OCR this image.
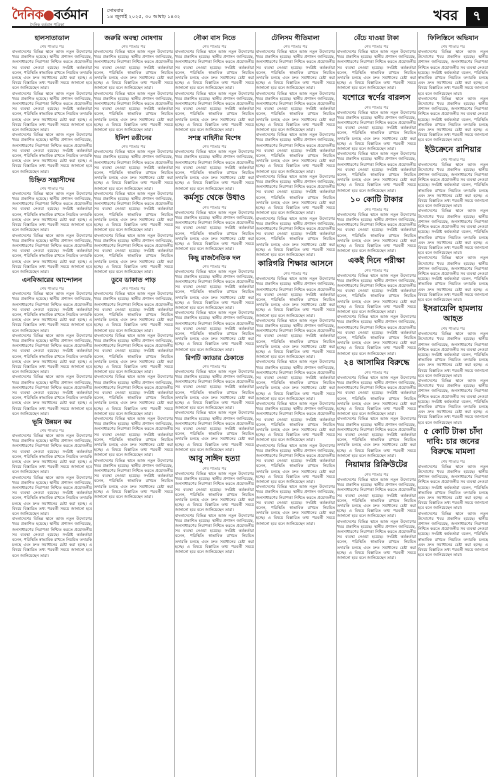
দৈনিক●বর্তমান
দৈনিক বর্তমান পত্রিকা
সোমবার
১৪ জুলাই ২০২৫, ৩০ আষাঢ় ১৪৩২	খবর	৭
হালসাতাডাল
শেষ পাতার পর
বাংলাদেশের বিভিন্ন স্থানে আজ নতুন উদ্যোগের খবর প্রকাশিত হয়েছে। স্থানীয় প্রশাসন জানিয়েছে, জনসাধারণের নিরাপত্তা নিশ্চিত করতে প্রয়োজনীয় সব ব্যবস্থা নেওয়া হয়েছে। সংশ্লিষ্ট কর্মকর্তারা বলেন, পরিস্থিতি স্বাভাবিক রাখতে নিয়মিত তদারকি চলছে এবং দ্রুত সমাধানের চেষ্টা করা হচ্ছে। এ বিষয়ে বিস্তারিত তথ্য পরবর্তী সময়ে জানানো হবে বলে জানিয়েছেন তারা।
বাংলাদেশের বিভিন্ন স্থানে আজ নতুন উদ্যোগের খবর প্রকাশিত হয়েছে। স্থানীয় প্রশাসন জানিয়েছে, জনসাধারণের নিরাপত্তা নিশ্চিত করতে প্রয়োজনীয় সব ব্যবস্থা নেওয়া হয়েছে। সংশ্লিষ্ট কর্মকর্তারা বলেন, পরিস্থিতি স্বাভাবিক রাখতে নিয়মিত তদারকি চলছে এবং দ্রুত সমাধানের চেষ্টা করা হচ্ছে। এ বিষয়ে বিস্তারিত তথ্য পরবর্তী সময়ে জানানো হবে বলে জানিয়েছেন তারা।
বাংলাদেশের বিভিন্ন স্থানে আজ নতুন উদ্যোগের খবর প্রকাশিত হয়েছে। স্থানীয় প্রশাসন জানিয়েছে, জনসাধারণের নিরাপত্তা নিশ্চিত করতে প্রয়োজনীয় সব ব্যবস্থা নেওয়া হয়েছে। সংশ্লিষ্ট কর্মকর্তারা বলেন, পরিস্থিতি স্বাভাবিক রাখতে নিয়মিত তদারকি চলছে এবং দ্রুত সমাধানের চেষ্টা করা হচ্ছে। এ বিষয়ে বিস্তারিত তথ্য পরবর্তী সময়ে জানানো হবে বলে জানিয়েছেন তারা।
চিহ্নিত সন্ত্রাসীদের
শেষ পাতার পর
বাংলাদেশের বিভিন্ন স্থানে আজ নতুন উদ্যোগের খবর প্রকাশিত হয়েছে। স্থানীয় প্রশাসন জানিয়েছে, জনসাধারণের নিরাপত্তা নিশ্চিত করতে প্রয়োজনীয় সব ব্যবস্থা নেওয়া হয়েছে। সংশ্লিষ্ট কর্মকর্তারা বলেন, পরিস্থিতি স্বাভাবিক রাখতে নিয়মিত তদারকি চলছে এবং দ্রুত সমাধানের চেষ্টা করা হচ্ছে। এ বিষয়ে বিস্তারিত তথ্য পরবর্তী সময়ে জানানো হবে বলে জানিয়েছেন তারা।
বাংলাদেশের বিভিন্ন স্থানে আজ নতুন উদ্যোগের খবর প্রকাশিত হয়েছে। স্থানীয় প্রশাসন জানিয়েছে, জনসাধারণের নিরাপত্তা নিশ্চিত করতে প্রয়োজনীয় সব ব্যবস্থা নেওয়া হয়েছে। সংশ্লিষ্ট কর্মকর্তারা বলেন, পরিস্থিতি স্বাভাবিক রাখতে নিয়মিত তদারকি চলছে এবং দ্রুত সমাধানের চেষ্টা করা হচ্ছে। এ বিষয়ে বিস্তারিত তথ্য পরবর্তী সময়ে জানানো হবে বলে জানিয়েছেন তারা।
এনবিআরের আন্দোলন
শেষ পাতার পর
বাংলাদেশের বিভিন্ন স্থানে আজ নতুন উদ্যোগের খবর প্রকাশিত হয়েছে। স্থানীয় প্রশাসন জানিয়েছে, জনসাধারণের নিরাপত্তা নিশ্চিত করতে প্রয়োজনীয় সব ব্যবস্থা নেওয়া হয়েছে। সংশ্লিষ্ট কর্মকর্তারা বলেন, পরিস্থিতি স্বাভাবিক রাখতে নিয়মিত তদারকি চলছে এবং দ্রুত সমাধানের চেষ্টা করা হচ্ছে। এ বিষয়ে বিস্তারিত তথ্য পরবর্তী সময়ে জানানো হবে বলে জানিয়েছেন তারা।
বাংলাদেশের বিভিন্ন স্থানে আজ নতুন উদ্যোগের খবর প্রকাশিত হয়েছে। স্থানীয় প্রশাসন জানিয়েছে, জনসাধারণের নিরাপত্তা নিশ্চিত করতে প্রয়োজনীয় সব ব্যবস্থা নেওয়া হয়েছে। সংশ্লিষ্ট কর্মকর্তারা বলেন, পরিস্থিতি স্বাভাবিক রাখতে নিয়মিত তদারকি চলছে এবং দ্রুত সমাধানের চেষ্টা করা হচ্ছে। এ বিষয়ে বিস্তারিত তথ্য পরবর্তী সময়ে জানানো হবে বলে জানিয়েছেন তারা।
বাংলাদেশের বিভিন্ন স্থানে আজ নতুন উদ্যোগের খবর প্রকাশিত হয়েছে। স্থানীয় প্রশাসন জানিয়েছে, জনসাধারণের নিরাপত্তা নিশ্চিত করতে প্রয়োজনীয় সব ব্যবস্থা নেওয়া হয়েছে। সংশ্লিষ্ট কর্মকর্তারা বলেন, পরিস্থিতি স্বাভাবিক রাখতে নিয়মিত তদারকি চলছে এবং দ্রুত সমাধানের চেষ্টা করা হচ্ছে। এ বিষয়ে বিস্তারিত তথ্য পরবর্তী সময়ে জানানো হবে বলে জানিয়েছেন তারা।
ভূমি উন্নয়ন কর
শেষ পাতার পর
বাংলাদেশের বিভিন্ন স্থানে আজ নতুন উদ্যোগের খবর প্রকাশিত হয়েছে। স্থানীয় প্রশাসন জানিয়েছে, জনসাধারণের নিরাপত্তা নিশ্চিত করতে প্রয়োজনীয় সব ব্যবস্থা নেওয়া হয়েছে। সংশ্লিষ্ট কর্মকর্তারা বলেন, পরিস্থিতি স্বাভাবিক রাখতে নিয়মিত তদারকি চলছে এবং দ্রুত সমাধানের চেষ্টা করা হচ্ছে। এ বিষয়ে বিস্তারিত তথ্য পরবর্তী সময়ে জানানো হবে বলে জানিয়েছেন তারা।
বাংলাদেশের বিভিন্ন স্থানে আজ নতুন উদ্যোগের খবর প্রকাশিত হয়েছে। স্থানীয় প্রশাসন জানিয়েছে, জনসাধারণের নিরাপত্তা নিশ্চিত করতে প্রয়োজনীয় সব ব্যবস্থা নেওয়া হয়েছে। সংশ্লিষ্ট কর্মকর্তারা বলেন, পরিস্থিতি স্বাভাবিক রাখতে নিয়মিত তদারকি চলছে এবং দ্রুত সমাধানের চেষ্টা করা হচ্ছে। এ বিষয়ে বিস্তারিত তথ্য পরবর্তী সময়ে জানানো হবে বলে জানিয়েছেন তারা।
বাংলাদেশের বিভিন্ন স্থানে আজ নতুন উদ্যোগের খবর প্রকাশিত হয়েছে। স্থানীয় প্রশাসন জানিয়েছে, জনসাধারণের নিরাপত্তা নিশ্চিত করতে প্রয়োজনীয় সব ব্যবস্থা নেওয়া হয়েছে। সংশ্লিষ্ট কর্মকর্তারা বলেন, পরিস্থিতি স্বাভাবিক রাখতে নিয়মিত তদারকি চলছে এবং দ্রুত সমাধানের চেষ্টা করা হচ্ছে। এ বিষয়ে বিস্তারিত তথ্য পরবর্তী সময়ে জানানো হবে বলে জানিয়েছেন তারা।
জরুরি অবস্থা ঘোষণায়
শেষ পাতার পর
বাংলাদেশের বিভিন্ন স্থানে আজ নতুন উদ্যোগের খবর প্রকাশিত হয়েছে। স্থানীয় প্রশাসন জানিয়েছে, জনসাধারণের নিরাপত্তা নিশ্চিত করতে প্রয়োজনীয় সব ব্যবস্থা নেওয়া হয়েছে। সংশ্লিষ্ট কর্মকর্তারা বলেন, পরিস্থিতি স্বাভাবিক রাখতে নিয়মিত তদারকি চলছে এবং দ্রুত সমাধানের চেষ্টা করা হচ্ছে। এ বিষয়ে বিস্তারিত তথ্য পরবর্তী সময়ে জানানো হবে বলে জানিয়েছেন তারা।
বাংলাদেশের বিভিন্ন স্থানে আজ নতুন উদ্যোগের খবর প্রকাশিত হয়েছে। স্থানীয় প্রশাসন জানিয়েছে, জনসাধারণের নিরাপত্তা নিশ্চিত করতে প্রয়োজনীয় সব ব্যবস্থা নেওয়া হয়েছে। সংশ্লিষ্ট কর্মকর্তারা বলেন, পরিস্থিতি স্বাভাবিক রাখতে নিয়মিত তদারকি চলছে এবং দ্রুত সমাধানের চেষ্টা করা হচ্ছে। এ বিষয়ে বিস্তারিত তথ্য পরবর্তী সময়ে জানানো হবে বলে জানিয়েছেন তারা।
ইলিশ রঙীনের
শেষ পাতার পর
বাংলাদেশের বিভিন্ন স্থানে আজ নতুন উদ্যোগের খবর প্রকাশিত হয়েছে। স্থানীয় প্রশাসন জানিয়েছে, জনসাধারণের নিরাপত্তা নিশ্চিত করতে প্রয়োজনীয় সব ব্যবস্থা নেওয়া হয়েছে। সংশ্লিষ্ট কর্মকর্তারা বলেন, পরিস্থিতি স্বাভাবিক রাখতে নিয়মিত তদারকি চলছে এবং দ্রুত সমাধানের চেষ্টা করা হচ্ছে। এ বিষয়ে বিস্তারিত তথ্য পরবর্তী সময়ে জানানো হবে বলে জানিয়েছেন তারা।
বাংলাদেশের বিভিন্ন স্থানে আজ নতুন উদ্যোগের খবর প্রকাশিত হয়েছে। স্থানীয় প্রশাসন জানিয়েছে, জনসাধারণের নিরাপত্তা নিশ্চিত করতে প্রয়োজনীয় সব ব্যবস্থা নেওয়া হয়েছে। সংশ্লিষ্ট কর্মকর্তারা বলেন, পরিস্থিতি স্বাভাবিক রাখতে নিয়মিত তদারকি চলছে এবং দ্রুত সমাধানের চেষ্টা করা হচ্ছে। এ বিষয়ে বিস্তারিত তথ্য পরবর্তী সময়ে জানানো হবে বলে জানিয়েছেন তারা।
বাংলাদেশের বিভিন্ন স্থানে আজ নতুন উদ্যোগের খবর প্রকাশিত হয়েছে। স্থানীয় প্রশাসন জানিয়েছে, জনসাধারণের নিরাপত্তা নিশ্চিত করতে প্রয়োজনীয় সব ব্যবস্থা নেওয়া হয়েছে। সংশ্লিষ্ট কর্মকর্তারা বলেন, পরিস্থিতি স্বাভাবিক রাখতে নিয়মিত তদারকি চলছে এবং দ্রুত সমাধানের চেষ্টা করা হচ্ছে। এ বিষয়ে বিস্তারিত তথ্য পরবর্তী সময়ে জানানো হবে বলে জানিয়েছেন তারা।
ডুবে ডাকাত পাড়
শেষ পাতার পর
বাংলাদেশের বিভিন্ন স্থানে আজ নতুন উদ্যোগের খবর প্রকাশিত হয়েছে। স্থানীয় প্রশাসন জানিয়েছে, জনসাধারণের নিরাপত্তা নিশ্চিত করতে প্রয়োজনীয় সব ব্যবস্থা নেওয়া হয়েছে। সংশ্লিষ্ট কর্মকর্তারা বলেন, পরিস্থিতি স্বাভাবিক রাখতে নিয়মিত তদারকি চলছে এবং দ্রুত সমাধানের চেষ্টা করা হচ্ছে। এ বিষয়ে বিস্তারিত তথ্য পরবর্তী সময়ে জানানো হবে বলে জানিয়েছেন তারা।
বাংলাদেশের বিভিন্ন স্থানে আজ নতুন উদ্যোগের খবর প্রকাশিত হয়েছে। স্থানীয় প্রশাসন জানিয়েছে, জনসাধারণের নিরাপত্তা নিশ্চিত করতে প্রয়োজনীয় সব ব্যবস্থা নেওয়া হয়েছে। সংশ্লিষ্ট কর্মকর্তারা বলেন, পরিস্থিতি স্বাভাবিক রাখতে নিয়মিত তদারকি চলছে এবং দ্রুত সমাধানের চেষ্টা করা হচ্ছে। এ বিষয়ে বিস্তারিত তথ্য পরবর্তী সময়ে জানানো হবে বলে জানিয়েছেন তারা।
বাংলাদেশের বিভিন্ন স্থানে আজ নতুন উদ্যোগের খবর প্রকাশিত হয়েছে। স্থানীয় প্রশাসন জানিয়েছে, জনসাধারণের নিরাপত্তা নিশ্চিত করতে প্রয়োজনীয় সব ব্যবস্থা নেওয়া হয়েছে। সংশ্লিষ্ট কর্মকর্তারা বলেন, পরিস্থিতি স্বাভাবিক রাখতে নিয়মিত তদারকি চলছে এবং দ্রুত সমাধানের চেষ্টা করা হচ্ছে। এ বিষয়ে বিস্তারিত তথ্য পরবর্তী সময়ে জানানো হবে বলে জানিয়েছেন তারা।
বাংলাদেশের বিভিন্ন স্থানে আজ নতুন উদ্যোগের খবর প্রকাশিত হয়েছে। স্থানীয় প্রশাসন জানিয়েছে, জনসাধারণের নিরাপত্তা নিশ্চিত করতে প্রয়োজনীয় সব ব্যবস্থা নেওয়া হয়েছে। সংশ্লিষ্ট কর্মকর্তারা বলেন, পরিস্থিতি স্বাভাবিক রাখতে নিয়মিত তদারকি চলছে এবং দ্রুত সমাধানের চেষ্টা করা হচ্ছে। এ বিষয়ে বিস্তারিত তথ্য পরবর্তী সময়ে জানানো হবে বলে জানিয়েছেন তারা।
বাংলাদেশের বিভিন্ন স্থানে আজ নতুন উদ্যোগের খবর প্রকাশিত হয়েছে। স্থানীয় প্রশাসন জানিয়েছে, জনসাধারণের নিরাপত্তা নিশ্চিত করতে প্রয়োজনীয় সব ব্যবস্থা নেওয়া হয়েছে। সংশ্লিষ্ট কর্মকর্তারা বলেন, পরিস্থিতি স্বাভাবিক রাখতে নিয়মিত তদারকি চলছে এবং দ্রুত সমাধানের চেষ্টা করা হচ্ছে। এ বিষয়ে বিস্তারিত তথ্য পরবর্তী সময়ে জানানো হবে বলে জানিয়েছেন তারা।
নৌকা বাস নিতে
শেষ পাতার পর
বাংলাদেশের বিভিন্ন স্থানে আজ নতুন উদ্যোগের খবর প্রকাশিত হয়েছে। স্থানীয় প্রশাসন জানিয়েছে, জনসাধারণের নিরাপত্তা নিশ্চিত করতে প্রয়োজনীয় সব ব্যবস্থা নেওয়া হয়েছে। সংশ্লিষ্ট কর্মকর্তারা বলেন, পরিস্থিতি স্বাভাবিক রাখতে নিয়মিত তদারকি চলছে এবং দ্রুত সমাধানের চেষ্টা করা হচ্ছে। এ বিষয়ে বিস্তারিত তথ্য পরবর্তী সময়ে জানানো হবে বলে জানিয়েছেন তারা।
বাংলাদেশের বিভিন্ন স্থানে আজ নতুন উদ্যোগের খবর প্রকাশিত হয়েছে। স্থানীয় প্রশাসন জানিয়েছে, জনসাধারণের নিরাপত্তা নিশ্চিত করতে প্রয়োজনীয় সব ব্যবস্থা নেওয়া হয়েছে। সংশ্লিষ্ট কর্মকর্তারা বলেন, পরিস্থিতি স্বাভাবিক রাখতে নিয়মিত তদারকি চলছে এবং দ্রুত সমাধানের চেষ্টা করা হচ্ছে। এ বিষয়ে বিস্তারিত তথ্য পরবর্তী সময়ে জানানো হবে বলে জানিয়েছেন তারা।
সশস্ত্র বাহিনীর বিশেষ
শেষ পাতার পর
বাংলাদেশের বিভিন্ন স্থানে আজ নতুন উদ্যোগের খবর প্রকাশিত হয়েছে। স্থানীয় প্রশাসন জানিয়েছে, জনসাধারণের নিরাপত্তা নিশ্চিত করতে প্রয়োজনীয় সব ব্যবস্থা নেওয়া হয়েছে। সংশ্লিষ্ট কর্মকর্তারা বলেন, পরিস্থিতি স্বাভাবিক রাখতে নিয়মিত তদারকি চলছে এবং দ্রুত সমাধানের চেষ্টা করা হচ্ছে। এ বিষয়ে বিস্তারিত তথ্য পরবর্তী সময়ে জানানো হবে বলে জানিয়েছেন তারা।
কর্মসূচ থেকে উধাও
শেষ পাতার পর
বাংলাদেশের বিভিন্ন স্থানে আজ নতুন উদ্যোগের খবর প্রকাশিত হয়েছে। স্থানীয় প্রশাসন জানিয়েছে, জনসাধারণের নিরাপত্তা নিশ্চিত করতে প্রয়োজনীয় সব ব্যবস্থা নেওয়া হয়েছে। সংশ্লিষ্ট কর্মকর্তারা বলেন, পরিস্থিতি স্বাভাবিক রাখতে নিয়মিত তদারকি চলছে এবং দ্রুত সমাধানের চেষ্টা করা হচ্ছে। এ বিষয়ে বিস্তারিত তথ্য পরবর্তী সময়ে জানানো হবে বলে জানিয়েছেন তারা।
কিছু রাজনৈতিক দল
শেষ পাতার পর
বাংলাদেশের বিভিন্ন স্থানে আজ নতুন উদ্যোগের খবর প্রকাশিত হয়েছে। স্থানীয় প্রশাসন জানিয়েছে, জনসাধারণের নিরাপত্তা নিশ্চিত করতে প্রয়োজনীয় সব ব্যবস্থা নেওয়া হয়েছে। সংশ্লিষ্ট কর্মকর্তারা বলেন, পরিস্থিতি স্বাভাবিক রাখতে নিয়মিত তদারকি চলছে এবং দ্রুত সমাধানের চেষ্টা করা হচ্ছে। এ বিষয়ে বিস্তারিত তথ্য পরবর্তী সময়ে জানানো হবে বলে জানিয়েছেন তারা।
বাংলাদেশের বিভিন্ন স্থানে আজ নতুন উদ্যোগের খবর প্রকাশিত হয়েছে। স্থানীয় প্রশাসন জানিয়েছে, জনসাধারণের নিরাপত্তা নিশ্চিত করতে প্রয়োজনীয় সব ব্যবস্থা নেওয়া হয়েছে। সংশ্লিষ্ট কর্মকর্তারা বলেন, পরিস্থিতি স্বাভাবিক রাখতে নিয়মিত তদারকি চলছে এবং দ্রুত সমাধানের চেষ্টা করা হচ্ছে। এ বিষয়ে বিস্তারিত তথ্য পরবর্তী সময়ে জানানো হবে বলে জানিয়েছেন তারা।
রিপটি ক্যাডার ঠেকাতে
শেষ পাতার পর
বাংলাদেশের বিভিন্ন স্থানে আজ নতুন উদ্যোগের খবর প্রকাশিত হয়েছে। স্থানীয় প্রশাসন জানিয়েছে, জনসাধারণের নিরাপত্তা নিশ্চিত করতে প্রয়োজনীয় সব ব্যবস্থা নেওয়া হয়েছে। সংশ্লিষ্ট কর্মকর্তারা বলেন, পরিস্থিতি স্বাভাবিক রাখতে নিয়মিত তদারকি চলছে এবং দ্রুত সমাধানের চেষ্টা করা হচ্ছে। এ বিষয়ে বিস্তারিত তথ্য পরবর্তী সময়ে জানানো হবে বলে জানিয়েছেন তারা।
বাংলাদেশের বিভিন্ন স্থানে আজ নতুন উদ্যোগের খবর প্রকাশিত হয়েছে। স্থানীয় প্রশাসন জানিয়েছে, জনসাধারণের নিরাপত্তা নিশ্চিত করতে প্রয়োজনীয় সব ব্যবস্থা নেওয়া হয়েছে। সংশ্লিষ্ট কর্মকর্তারা বলেন, পরিস্থিতি স্বাভাবিক রাখতে নিয়মিত তদারকি চলছে এবং দ্রুত সমাধানের চেষ্টা করা হচ্ছে। এ বিষয়ে বিস্তারিত তথ্য পরবর্তী সময়ে জানানো হবে বলে জানিয়েছেন তারা।
আবু সাঈদ হত্যা
শেষ পাতার পর
বাংলাদেশের বিভিন্ন স্থানে আজ নতুন উদ্যোগের খবর প্রকাশিত হয়েছে। স্থানীয় প্রশাসন জানিয়েছে, জনসাধারণের নিরাপত্তা নিশ্চিত করতে প্রয়োজনীয় সব ব্যবস্থা নেওয়া হয়েছে। সংশ্লিষ্ট কর্মকর্তারা বলেন, পরিস্থিতি স্বাভাবিক রাখতে নিয়মিত তদারকি চলছে এবং দ্রুত সমাধানের চেষ্টা করা হচ্ছে। এ বিষয়ে বিস্তারিত তথ্য পরবর্তী সময়ে জানানো হবে বলে জানিয়েছেন তারা।
বাংলাদেশের বিভিন্ন স্থানে আজ নতুন উদ্যোগের খবর প্রকাশিত হয়েছে। স্থানীয় প্রশাসন জানিয়েছে, জনসাধারণের নিরাপত্তা নিশ্চিত করতে প্রয়োজনীয় সব ব্যবস্থা নেওয়া হয়েছে। সংশ্লিষ্ট কর্মকর্তারা বলেন, পরিস্থিতি স্বাভাবিক রাখতে নিয়মিত তদারকি চলছে এবং দ্রুত সমাধানের চেষ্টা করা হচ্ছে। এ বিষয়ে বিস্তারিত তথ্য পরবর্তী সময়ে জানানো হবে বলে জানিয়েছেন তারা।
টেলিসম গীতিমালা
শেষ পাতার পর
বাংলাদেশের বিভিন্ন স্থানে আজ নতুন উদ্যোগের খবর প্রকাশিত হয়েছে। স্থানীয় প্রশাসন জানিয়েছে, জনসাধারণের নিরাপত্তা নিশ্চিত করতে প্রয়োজনীয় সব ব্যবস্থা নেওয়া হয়েছে। সংশ্লিষ্ট কর্মকর্তারা বলেন, পরিস্থিতি স্বাভাবিক রাখতে নিয়মিত তদারকি চলছে এবং দ্রুত সমাধানের চেষ্টা করা হচ্ছে। এ বিষয়ে বিস্তারিত তথ্য পরবর্তী সময়ে জানানো হবে বলে জানিয়েছেন তারা।
বাংলাদেশের বিভিন্ন স্থানে আজ নতুন উদ্যোগের খবর প্রকাশিত হয়েছে। স্থানীয় প্রশাসন জানিয়েছে, জনসাধারণের নিরাপত্তা নিশ্চিত করতে প্রয়োজনীয় সব ব্যবস্থা নেওয়া হয়েছে। সংশ্লিষ্ট কর্মকর্তারা বলেন, পরিস্থিতি স্বাভাবিক রাখতে নিয়মিত তদারকি চলছে এবং দ্রুত সমাধানের চেষ্টা করা হচ্ছে। এ বিষয়ে বিস্তারিত তথ্য পরবর্তী সময়ে জানানো হবে বলে জানিয়েছেন তারা।
বাংলাদেশের বিভিন্ন স্থানে আজ নতুন উদ্যোগের খবর প্রকাশিত হয়েছে। স্থানীয় প্রশাসন জানিয়েছে, জনসাধারণের নিরাপত্তা নিশ্চিত করতে প্রয়োজনীয় সব ব্যবস্থা নেওয়া হয়েছে। সংশ্লিষ্ট কর্মকর্তারা বলেন, পরিস্থিতি স্বাভাবিক রাখতে নিয়মিত তদারকি চলছে এবং দ্রুত সমাধানের চেষ্টা করা হচ্ছে। এ বিষয়ে বিস্তারিত তথ্য পরবর্তী সময়ে জানানো হবে বলে জানিয়েছেন তারা।
বাংলাদেশের বিভিন্ন স্থানে আজ নতুন উদ্যোগের খবর প্রকাশিত হয়েছে। স্থানীয় প্রশাসন জানিয়েছে, জনসাধারণের নিরাপত্তা নিশ্চিত করতে প্রয়োজনীয় সব ব্যবস্থা নেওয়া হয়েছে। সংশ্লিষ্ট কর্মকর্তারা বলেন, পরিস্থিতি স্বাভাবিক রাখতে নিয়মিত তদারকি চলছে এবং দ্রুত সমাধানের চেষ্টা করা হচ্ছে। এ বিষয়ে বিস্তারিত তথ্য পরবর্তী সময়ে জানানো হবে বলে জানিয়েছেন তারা।
বাংলাদেশের বিভিন্ন স্থানে আজ নতুন উদ্যোগের খবর প্রকাশিত হয়েছে। স্থানীয় প্রশাসন জানিয়েছে, জনসাধারণের নিরাপত্তা নিশ্চিত করতে প্রয়োজনীয় সব ব্যবস্থা নেওয়া হয়েছে। সংশ্লিষ্ট কর্মকর্তারা বলেন, পরিস্থিতি স্বাভাবিক রাখতে নিয়মিত তদারকি চলছে এবং দ্রুত সমাধানের চেষ্টা করা হচ্ছে। এ বিষয়ে বিস্তারিত তথ্য পরবর্তী সময়ে জানানো হবে বলে জানিয়েছেন তারা।
কারিগরি শিক্ষার আসনে
শেষ পাতার পর
বাংলাদেশের বিভিন্ন স্থানে আজ নতুন উদ্যোগের খবর প্রকাশিত হয়েছে। স্থানীয় প্রশাসন জানিয়েছে, জনসাধারণের নিরাপত্তা নিশ্চিত করতে প্রয়োজনীয় সব ব্যবস্থা নেওয়া হয়েছে। সংশ্লিষ্ট কর্মকর্তারা বলেন, পরিস্থিতি স্বাভাবিক রাখতে নিয়মিত তদারকি চলছে এবং দ্রুত সমাধানের চেষ্টা করা হচ্ছে। এ বিষয়ে বিস্তারিত তথ্য পরবর্তী সময়ে জানানো হবে বলে জানিয়েছেন তারা।
বাংলাদেশের বিভিন্ন স্থানে আজ নতুন উদ্যোগের খবর প্রকাশিত হয়েছে। স্থানীয় প্রশাসন জানিয়েছে, জনসাধারণের নিরাপত্তা নিশ্চিত করতে প্রয়োজনীয় সব ব্যবস্থা নেওয়া হয়েছে। সংশ্লিষ্ট কর্মকর্তারা বলেন, পরিস্থিতি স্বাভাবিক রাখতে নিয়মিত তদারকি চলছে এবং দ্রুত সমাধানের চেষ্টা করা হচ্ছে। এ বিষয়ে বিস্তারিত তথ্য পরবর্তী সময়ে জানানো হবে বলে জানিয়েছেন তারা।
বাংলাদেশের বিভিন্ন স্থানে আজ নতুন উদ্যোগের খবর প্রকাশিত হয়েছে। স্থানীয় প্রশাসন জানিয়েছে, জনসাধারণের নিরাপত্তা নিশ্চিত করতে প্রয়োজনীয় সব ব্যবস্থা নেওয়া হয়েছে। সংশ্লিষ্ট কর্মকর্তারা বলেন, পরিস্থিতি স্বাভাবিক রাখতে নিয়মিত তদারকি চলছে এবং দ্রুত সমাধানের চেষ্টা করা হচ্ছে। এ বিষয়ে বিস্তারিত তথ্য পরবর্তী সময়ে জানানো হবে বলে জানিয়েছেন তারা।
বাংলাদেশের বিভিন্ন স্থানে আজ নতুন উদ্যোগের খবর প্রকাশিত হয়েছে। স্থানীয় প্রশাসন জানিয়েছে, জনসাধারণের নিরাপত্তা নিশ্চিত করতে প্রয়োজনীয় সব ব্যবস্থা নেওয়া হয়েছে। সংশ্লিষ্ট কর্মকর্তারা বলেন, পরিস্থিতি স্বাভাবিক রাখতে নিয়মিত তদারকি চলছে এবং দ্রুত সমাধানের চেষ্টা করা হচ্ছে। এ বিষয়ে বিস্তারিত তথ্য পরবর্তী সময়ে জানানো হবে বলে জানিয়েছেন তারা।
বাংলাদেশের বিভিন্ন স্থানে আজ নতুন উদ্যোগের খবর প্রকাশিত হয়েছে। স্থানীয় প্রশাসন জানিয়েছে, জনসাধারণের নিরাপত্তা নিশ্চিত করতে প্রয়োজনীয় সব ব্যবস্থা নেওয়া হয়েছে। সংশ্লিষ্ট কর্মকর্তারা বলেন, পরিস্থিতি স্বাভাবিক রাখতে নিয়মিত তদারকি চলছে এবং দ্রুত সমাধানের চেষ্টা করা হচ্ছে। এ বিষয়ে বিস্তারিত তথ্য পরবর্তী সময়ে জানানো হবে বলে জানিয়েছেন তারা।
বাংলাদেশের বিভিন্ন স্থানে আজ নতুন উদ্যোগের খবর প্রকাশিত হয়েছে। স্থানীয় প্রশাসন জানিয়েছে, জনসাধারণের নিরাপত্তা নিশ্চিত করতে প্রয়োজনীয় সব ব্যবস্থা নেওয়া হয়েছে। সংশ্লিষ্ট কর্মকর্তারা বলেন, পরিস্থিতি স্বাভাবিক রাখতে নিয়মিত তদারকি চলছে এবং দ্রুত সমাধানের চেষ্টা করা হচ্ছে। এ বিষয়ে বিস্তারিত তথ্য পরবর্তী সময়ে জানানো হবে বলে জানিয়েছেন তারা।
বেঁচে যাওয়া টাকা
শেষ পাতার পর
বাংলাদেশের বিভিন্ন স্থানে আজ নতুন উদ্যোগের খবর প্রকাশিত হয়েছে। স্থানীয় প্রশাসন জানিয়েছে, জনসাধারণের নিরাপত্তা নিশ্চিত করতে প্রয়োজনীয় সব ব্যবস্থা নেওয়া হয়েছে। সংশ্লিষ্ট কর্মকর্তারা বলেন, পরিস্থিতি স্বাভাবিক রাখতে নিয়মিত তদারকি চলছে এবং দ্রুত সমাধানের চেষ্টা করা হচ্ছে। এ বিষয়ে বিস্তারিত তথ্য পরবর্তী সময়ে জানানো হবে বলে জানিয়েছেন তারা।
যশোরে স্বর্ণের বারলস
শেষ পাতার পর
বাংলাদেশের বিভিন্ন স্থানে আজ নতুন উদ্যোগের খবর প্রকাশিত হয়েছে। স্থানীয় প্রশাসন জানিয়েছে, জনসাধারণের নিরাপত্তা নিশ্চিত করতে প্রয়োজনীয় সব ব্যবস্থা নেওয়া হয়েছে। সংশ্লিষ্ট কর্মকর্তারা বলেন, পরিস্থিতি স্বাভাবিক রাখতে নিয়মিত তদারকি চলছে এবং দ্রুত সমাধানের চেষ্টা করা হচ্ছে। এ বিষয়ে বিস্তারিত তথ্য পরবর্তী সময়ে জানানো হবে বলে জানিয়েছেন তারা।
বাংলাদেশের বিভিন্ন স্থানে আজ নতুন উদ্যোগের খবর প্রকাশিত হয়েছে। স্থানীয় প্রশাসন জানিয়েছে, জনসাধারণের নিরাপত্তা নিশ্চিত করতে প্রয়োজনীয় সব ব্যবস্থা নেওয়া হয়েছে। সংশ্লিষ্ট কর্মকর্তারা বলেন, পরিস্থিতি স্বাভাবিক রাখতে নিয়মিত তদারকি চলছে এবং দ্রুত সমাধানের চেষ্টা করা হচ্ছে। এ বিষয়ে বিস্তারিত তথ্য পরবর্তী সময়ে জানানো হবে বলে জানিয়েছেন তারা।
১০ কোটি টাকার
শেষ পাতার পর
বাংলাদেশের বিভিন্ন স্থানে আজ নতুন উদ্যোগের খবর প্রকাশিত হয়েছে। স্থানীয় প্রশাসন জানিয়েছে, জনসাধারণের নিরাপত্তা নিশ্চিত করতে প্রয়োজনীয় সব ব্যবস্থা নেওয়া হয়েছে। সংশ্লিষ্ট কর্মকর্তারা বলেন, পরিস্থিতি স্বাভাবিক রাখতে নিয়মিত তদারকি চলছে এবং দ্রুত সমাধানের চেষ্টা করা হচ্ছে। এ বিষয়ে বিস্তারিত তথ্য পরবর্তী সময়ে জানানো হবে বলে জানিয়েছেন তারা।
একই দিনে পরীক্ষা
শেষ পাতার পর
বাংলাদেশের বিভিন্ন স্থানে আজ নতুন উদ্যোগের খবর প্রকাশিত হয়েছে। স্থানীয় প্রশাসন জানিয়েছে, জনসাধারণের নিরাপত্তা নিশ্চিত করতে প্রয়োজনীয় সব ব্যবস্থা নেওয়া হয়েছে। সংশ্লিষ্ট কর্মকর্তারা বলেন, পরিস্থিতি স্বাভাবিক রাখতে নিয়মিত তদারকি চলছে এবং দ্রুত সমাধানের চেষ্টা করা হচ্ছে। এ বিষয়ে বিস্তারিত তথ্য পরবর্তী সময়ে জানানো হবে বলে জানিয়েছেন তারা।
বাংলাদেশের বিভিন্ন স্থানে আজ নতুন উদ্যোগের খবর প্রকাশিত হয়েছে। স্থানীয় প্রশাসন জানিয়েছে, জনসাধারণের নিরাপত্তা নিশ্চিত করতে প্রয়োজনীয় সব ব্যবস্থা নেওয়া হয়েছে। সংশ্লিষ্ট কর্মকর্তারা বলেন, পরিস্থিতি স্বাভাবিক রাখতে নিয়মিত তদারকি চলছে এবং দ্রুত সমাধানের চেষ্টা করা হচ্ছে। এ বিষয়ে বিস্তারিত তথ্য পরবর্তী সময়ে জানানো হবে বলে জানিয়েছেন তারা।
২৪ আসামির বিরুদ্ধে
শেষ পাতার পর
বাংলাদেশের বিভিন্ন স্থানে আজ নতুন উদ্যোগের খবর প্রকাশিত হয়েছে। স্থানীয় প্রশাসন জানিয়েছে, জনসাধারণের নিরাপত্তা নিশ্চিত করতে প্রয়োজনীয় সব ব্যবস্থা নেওয়া হয়েছে। সংশ্লিষ্ট কর্মকর্তারা বলেন, পরিস্থিতি স্বাভাবিক রাখতে নিয়মিত তদারকি চলছে এবং দ্রুত সমাধানের চেষ্টা করা হচ্ছে। এ বিষয়ে বিস্তারিত তথ্য পরবর্তী সময়ে জানানো হবে বলে জানিয়েছেন তারা।
বাংলাদেশের বিভিন্ন স্থানে আজ নতুন উদ্যোগের খবর প্রকাশিত হয়েছে। স্থানীয় প্রশাসন জানিয়েছে, জনসাধারণের নিরাপত্তা নিশ্চিত করতে প্রয়োজনীয় সব ব্যবস্থা নেওয়া হয়েছে। সংশ্লিষ্ট কর্মকর্তারা বলেন, পরিস্থিতি স্বাভাবিক রাখতে নিয়মিত তদারকি চলছে এবং দ্রুত সমাধানের চেষ্টা করা হচ্ছে। এ বিষয়ে বিস্তারিত তথ্য পরবর্তী সময়ে জানানো হবে বলে জানিয়েছেন তারা।
নিয়ামার রিক্রিউটের
শেষ পাতার পর
বাংলাদেশের বিভিন্ন স্থানে আজ নতুন উদ্যোগের খবর প্রকাশিত হয়েছে। স্থানীয় প্রশাসন জানিয়েছে, জনসাধারণের নিরাপত্তা নিশ্চিত করতে প্রয়োজনীয় সব ব্যবস্থা নেওয়া হয়েছে। সংশ্লিষ্ট কর্মকর্তারা বলেন, পরিস্থিতি স্বাভাবিক রাখতে নিয়মিত তদারকি চলছে এবং দ্রুত সমাধানের চেষ্টা করা হচ্ছে। এ বিষয়ে বিস্তারিত তথ্য পরবর্তী সময়ে জানানো হবে বলে জানিয়েছেন তারা।
বাংলাদেশের বিভিন্ন স্থানে আজ নতুন উদ্যোগের খবর প্রকাশিত হয়েছে। স্থানীয় প্রশাসন জানিয়েছে, জনসাধারণের নিরাপত্তা নিশ্চিত করতে প্রয়োজনীয় সব ব্যবস্থা নেওয়া হয়েছে। সংশ্লিষ্ট কর্মকর্তারা বলেন, পরিস্থিতি স্বাভাবিক রাখতে নিয়মিত তদারকি চলছে এবং দ্রুত সমাধানের চেষ্টা করা হচ্ছে। এ বিষয়ে বিস্তারিত তথ্য পরবর্তী সময়ে জানানো হবে বলে জানিয়েছেন তারা।
ফিলিস্তিনে অভিযান
শেষ পাতার পর
বাংলাদেশের বিভিন্ন স্থানে আজ নতুন উদ্যোগের খবর প্রকাশিত হয়েছে। স্থানীয় প্রশাসন জানিয়েছে, জনসাধারণের নিরাপত্তা নিশ্চিত করতে প্রয়োজনীয় সব ব্যবস্থা নেওয়া হয়েছে। সংশ্লিষ্ট কর্মকর্তারা বলেন, পরিস্থিতি স্বাভাবিক রাখতে নিয়মিত তদারকি চলছে এবং দ্রুত সমাধানের চেষ্টা করা হচ্ছে। এ বিষয়ে বিস্তারিত তথ্য পরবর্তী সময়ে জানানো হবে বলে জানিয়েছেন তারা।
বাংলাদেশের বিভিন্ন স্থানে আজ নতুন উদ্যোগের খবর প্রকাশিত হয়েছে। স্থানীয় প্রশাসন জানিয়েছে, জনসাধারণের নিরাপত্তা নিশ্চিত করতে প্রয়োজনীয় সব ব্যবস্থা নেওয়া হয়েছে। সংশ্লিষ্ট কর্মকর্তারা বলেন, পরিস্থিতি স্বাভাবিক রাখতে নিয়মিত তদারকি চলছে এবং দ্রুত সমাধানের চেষ্টা করা হচ্ছে। এ বিষয়ে বিস্তারিত তথ্য পরবর্তী সময়ে জানানো হবে বলে জানিয়েছেন তারা।
ইউক্রেনে রাশিয়ার
শেষ পাতার পর
বাংলাদেশের বিভিন্ন স্থানে আজ নতুন উদ্যোগের খবর প্রকাশিত হয়েছে। স্থানীয় প্রশাসন জানিয়েছে, জনসাধারণের নিরাপত্তা নিশ্চিত করতে প্রয়োজনীয় সব ব্যবস্থা নেওয়া হয়েছে। সংশ্লিষ্ট কর্মকর্তারা বলেন, পরিস্থিতি স্বাভাবিক রাখতে নিয়মিত তদারকি চলছে এবং দ্রুত সমাধানের চেষ্টা করা হচ্ছে। এ বিষয়ে বিস্তারিত তথ্য পরবর্তী সময়ে জানানো হবে বলে জানিয়েছেন তারা।
বাংলাদেশের বিভিন্ন স্থানে আজ নতুন উদ্যোগের খবর প্রকাশিত হয়েছে। স্থানীয় প্রশাসন জানিয়েছে, জনসাধারণের নিরাপত্তা নিশ্চিত করতে প্রয়োজনীয় সব ব্যবস্থা নেওয়া হয়েছে। সংশ্লিষ্ট কর্মকর্তারা বলেন, পরিস্থিতি স্বাভাবিক রাখতে নিয়মিত তদারকি চলছে এবং দ্রুত সমাধানের চেষ্টা করা হচ্ছে। এ বিষয়ে বিস্তারিত তথ্য পরবর্তী সময়ে জানানো হবে বলে জানিয়েছেন তারা।
বাংলাদেশের বিভিন্ন স্থানে আজ নতুন উদ্যোগের খবর প্রকাশিত হয়েছে। স্থানীয় প্রশাসন জানিয়েছে, জনসাধারণের নিরাপত্তা নিশ্চিত করতে প্রয়োজনীয় সব ব্যবস্থা নেওয়া হয়েছে। সংশ্লিষ্ট কর্মকর্তারা বলেন, পরিস্থিতি স্বাভাবিক রাখতে নিয়মিত তদারকি চলছে এবং দ্রুত সমাধানের চেষ্টা করা হচ্ছে। এ বিষয়ে বিস্তারিত তথ্য পরবর্তী সময়ে জানানো হবে বলে জানিয়েছেন তারা।
ইসরায়েলি হামলায় আহত
শেষ পাতার পর
বাংলাদেশের বিভিন্ন স্থানে আজ নতুন উদ্যোগের খবর প্রকাশিত হয়েছে। স্থানীয় প্রশাসন জানিয়েছে, জনসাধারণের নিরাপত্তা নিশ্চিত করতে প্রয়োজনীয় সব ব্যবস্থা নেওয়া হয়েছে। সংশ্লিষ্ট কর্মকর্তারা বলেন, পরিস্থিতি স্বাভাবিক রাখতে নিয়মিত তদারকি চলছে এবং দ্রুত সমাধানের চেষ্টা করা হচ্ছে। এ বিষয়ে বিস্তারিত তথ্য পরবর্তী সময়ে জানানো হবে বলে জানিয়েছেন তারা।
বাংলাদেশের বিভিন্ন স্থানে আজ নতুন উদ্যোগের খবর প্রকাশিত হয়েছে। স্থানীয় প্রশাসন জানিয়েছে, জনসাধারণের নিরাপত্তা নিশ্চিত করতে প্রয়োজনীয় সব ব্যবস্থা নেওয়া হয়েছে। সংশ্লিষ্ট কর্মকর্তারা বলেন, পরিস্থিতি স্বাভাবিক রাখতে নিয়মিত তদারকি চলছে এবং দ্রুত সমাধানের চেষ্টা করা হচ্ছে। এ বিষয়ে বিস্তারিত তথ্য পরবর্তী সময়ে জানানো হবে বলে জানিয়েছেন তারা।
৫ কোটি টাকা চাঁদা দাবি: চার জনের বিরুদ্ধে মামলা
শেষ পাতার পর
বাংলাদেশের বিভিন্ন স্থানে আজ নতুন উদ্যোগের খবর প্রকাশিত হয়েছে। স্থানীয় প্রশাসন জানিয়েছে, জনসাধারণের নিরাপত্তা নিশ্চিত করতে প্রয়োজনীয় সব ব্যবস্থা নেওয়া হয়েছে। সংশ্লিষ্ট কর্মকর্তারা বলেন, পরিস্থিতি স্বাভাবিক রাখতে নিয়মিত তদারকি চলছে এবং দ্রুত সমাধানের চেষ্টা করা হচ্ছে। এ বিষয়ে বিস্তারিত তথ্য পরবর্তী সময়ে জানানো হবে বলে জানিয়েছেন তারা।
বাংলাদেশের বিভিন্ন স্থানে আজ নতুন উদ্যোগের খবর প্রকাশিত হয়েছে। স্থানীয় প্রশাসন জানিয়েছে, জনসাধারণের নিরাপত্তা নিশ্চিত করতে প্রয়োজনীয় সব ব্যবস্থা নেওয়া হয়েছে। সংশ্লিষ্ট কর্মকর্তারা বলেন, পরিস্থিতি স্বাভাবিক রাখতে নিয়মিত তদারকি চলছে এবং দ্রুত সমাধানের চেষ্টা করা হচ্ছে। এ বিষয়ে বিস্তারিত তথ্য পরবর্তী সময়ে জানানো হবে বলে জানিয়েছেন তারা।
